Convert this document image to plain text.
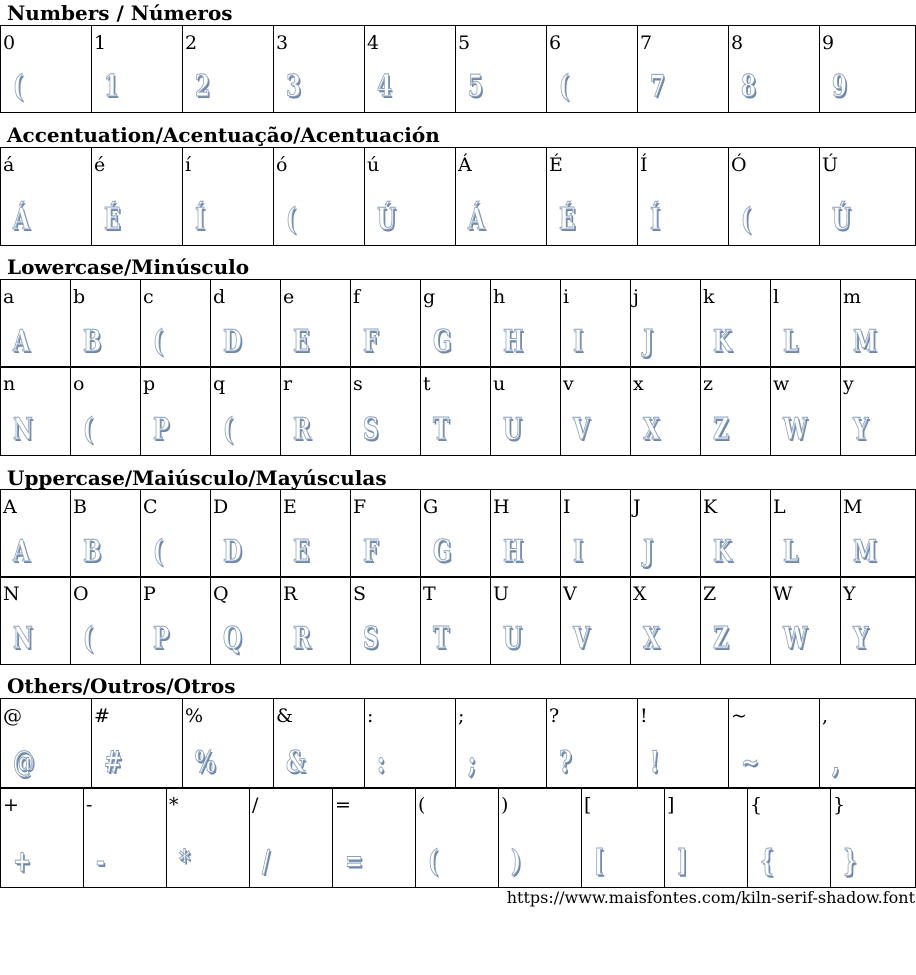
Numbers / Números
0
(
1
1
2
2
3
3
4
4
5
5
6
(
7
7
8
8
9
9
Accentuation/Acentuação/Acentuación
á
Á
é
É
í
Í
ó
(
ú
Ú
Á
Á
É
É
Í
Í
Ó
(
Ú
Ú
Lowercase/Minúsculo
a
A
b
B
c
(
d
D
e
E
f
F
g
G
h
H
i
I
j
J
k
K
l
L
m
M
n
N
o
(
p
P
q
(
r
R
s
S
t
T
u
U
v
V
x
X
z
Z
w
W
y
Y
Uppercase/Maiúsculo/Mayúsculas
A
A
B
B
C
(
D
D
E
E
F
F
G
G
H
H
I
I
J
J
K
K
L
L
M
M
N
N
O
(
P
P
Q
Q
R
R
S
S
T
T
U
U
V
V
X
X
Z
Z
W
W
Y
Y
Others/Outros/Otros
@
@
#
#
%
%
&
&
:
:
;
;
?
?
!
!
~
~
,
,
+
+
-
-
*
*
/
/
=
=
(
(
)
)
[
[
]
]
{
{
}
}
https://www.maisfontes.com/kiln-serif-shadow.font
